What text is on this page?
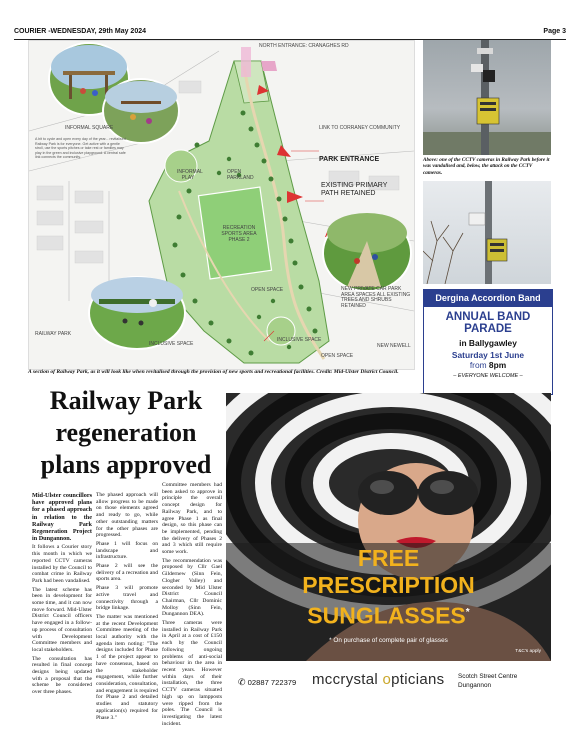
COURIER -WEDNESDAY, 29th May 2024	Page 3
NORTH ENTRANCE: CRANAGHES RD
INFORMAL SQUARE	LINK TO CORRANEY COMMUNITY
PARK ENTRANCE
EXISTING PRIMARY PATH RETAINED
INFORMAL PLAY
OPEN PARKLAND
RECREATION SPORTS AREA PHASE 2
OPEN SPACE	NEW PRIVATE CAR PARK AREA SPACES ALL EXISTING TREES AND SHRUBS RETAINED
INCLUSIVE SPACE
INCLUSIVE SPACE
RAILWAY PARK
OPEN SPACE
NEW NEWELL
A bit to cycle and open every day of the year... revitalised Railway Park is for everyone. Get active with a gentle stroll, use the sports pitches or take rest or families may play in the green and inclusive playground. A central safe link connects the community.
A section of Railway Park, as it will look like when revitalised through the provision of new sports and recreational facilities. Credit: Mid-Ulster District Council.
Above: one of the CCTV cameras in Railway Park before it was vandalised and, below, the attack on the CCTV cameras.
Dergina Accordion Band
ANNUAL BAND PARADE
in Ballygawley
Saturday 1st June
from 8pm
– EVERYONE WELCOME –
Railway Park regeneration plans approved

Mid-Ulster councillors have approved plans for a phased approach in relation to the Railway Park Regeneration Project in Dungannon.

It follows a Courier story this month in which we reported CCTV cameras installed by the Council to combat crime in Railway Park had been vandalised.

The latest scheme has been in development for some time, and it can now move forward. Mid-Ulster District Council officers have engaged in a follow-up process of consultation with Development Committee members and local stakeholders.

The consultation has resulted in final concept designs being updated with a proposal that the scheme be considered over three phases.

The phased approach will allow progress to be made on those elements agreed and ready to go, while other outstanding matters for the other phases are progressed.

Phase 1 will focus on landscape and infrastructure.

Phase 2 will see the delivery of a recreation and sports area.

Phase 3 will promote active travel and connectivity through a bridge linkage.

The matter was mentioned at the recent Development Committee meeting of the local authority with the agenda item noting: "The designs included for Phase 1 of the project appear to have consensus, based on the stakeholder engagement, while further consideration, consultation, and engagement is required for Phase 2 and detailed studies and statutory application(s) required for Phase 3."

Committee members had been asked to approve in principle the overall concept design for Railway Park, and to agree Phase 1 as final design, so this phase can be implemented, pending the delivery of Phases 2 and 3 which still require some work.

The recommendation was proposed by Cllr Gael Gildernew (Sinn Fein, Clogher Valley) and seconded by Mid Ulster District Council Chairman, Cllr Dominic Molloy (Sinn Fein, Dungannon DEA).

Three cameras were installed in Railway Park in April at a cost of £150 each by the Council following ongoing problems of anti-social behaviour in the area in recent years. However within days of their installation, the three CCTV cameras situated high up on lampposts were ripped from the poles. The Council is investigating the latest incident.

FREE
PRESCRIPTION
SUNGLASSES*
* On purchase of complete pair of glasses
T&C's apply
✆ 02887 722379 mccrystal opticians Scotch Street Centre
Dungannon
